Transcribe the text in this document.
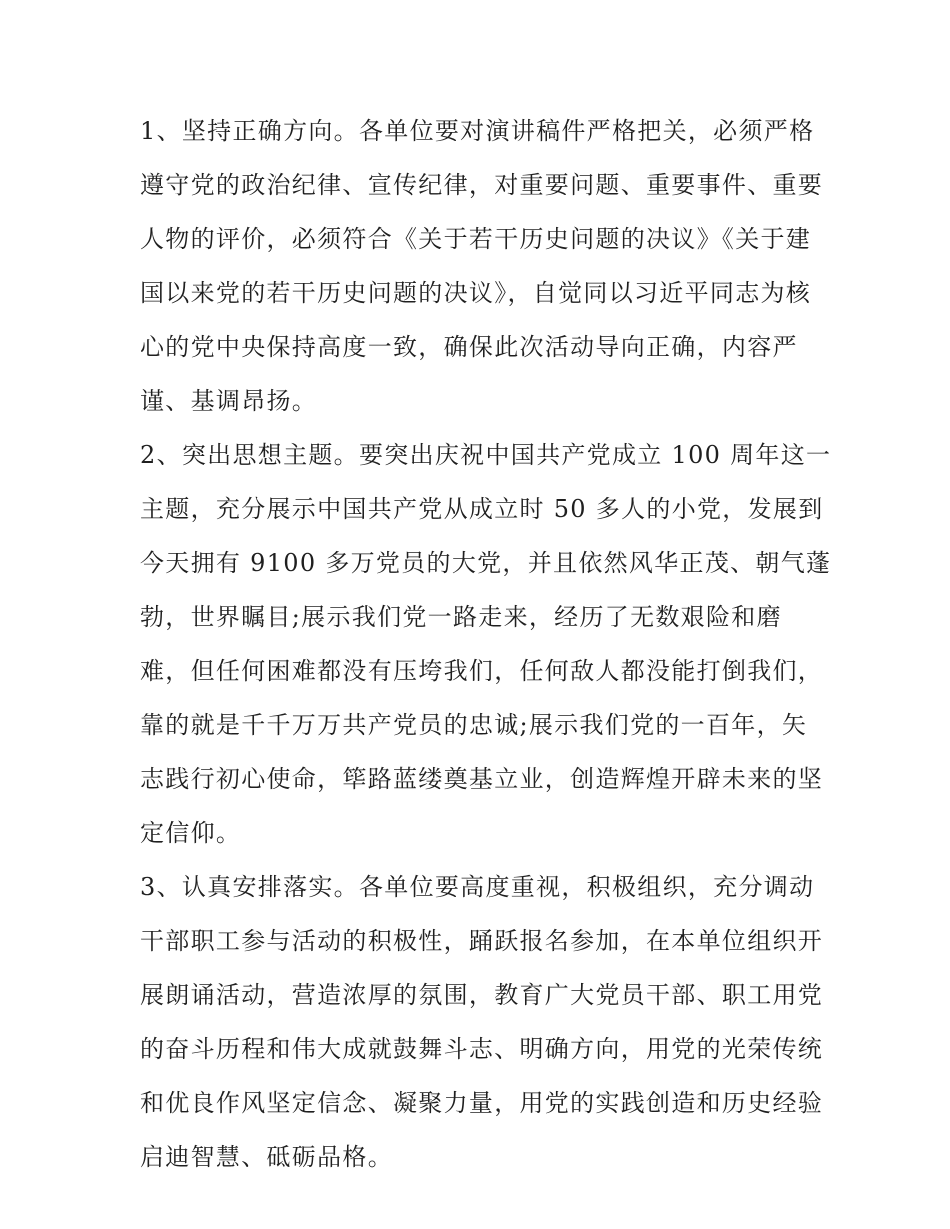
1、坚持正确方向。各单位要对演讲稿件严格把关，必须严格
遵守党的政治纪律、宣传纪律，对重要问题、重要事件、重要
人物的评价，必须符合《关于若干历史问题的决议》《关于建
国以来党的若干历史问题的决议》，自觉同以习近平同志为核
心的党中央保持高度一致，确保此次活动导向正确，内容严
谨、基调昂扬。
2、突出思想主题。要突出庆祝中国共产党成立 100 周年这一
主题，充分展示中国共产党从成立时 50 多人的小党，发展到
今天拥有 9100 多万党员的大党，并且依然风华正茂、朝气蓬
勃，世界瞩目;展示我们党一路走来，经历了无数艰险和磨
难，但任何困难都没有压垮我们，任何敌人都没能打倒我们，
靠的就是千千万万共产党员的忠诚;展示我们党的一百年，矢
志践行初心使命，筚路蓝缕奠基立业，创造辉煌开辟未来的坚
定信仰。
3、认真安排落实。各单位要高度重视，积极组织，充分调动
干部职工参与活动的积极性，踊跃报名参加，在本单位组织开
展朗诵活动，营造浓厚的氛围，教育广大党员干部、职工用党
的奋斗历程和伟大成就鼓舞斗志、明确方向，用党的光荣传统
和优良作风坚定信念、凝聚力量，用党的实践创造和历史经验
启迪智慧、砥砺品格。
